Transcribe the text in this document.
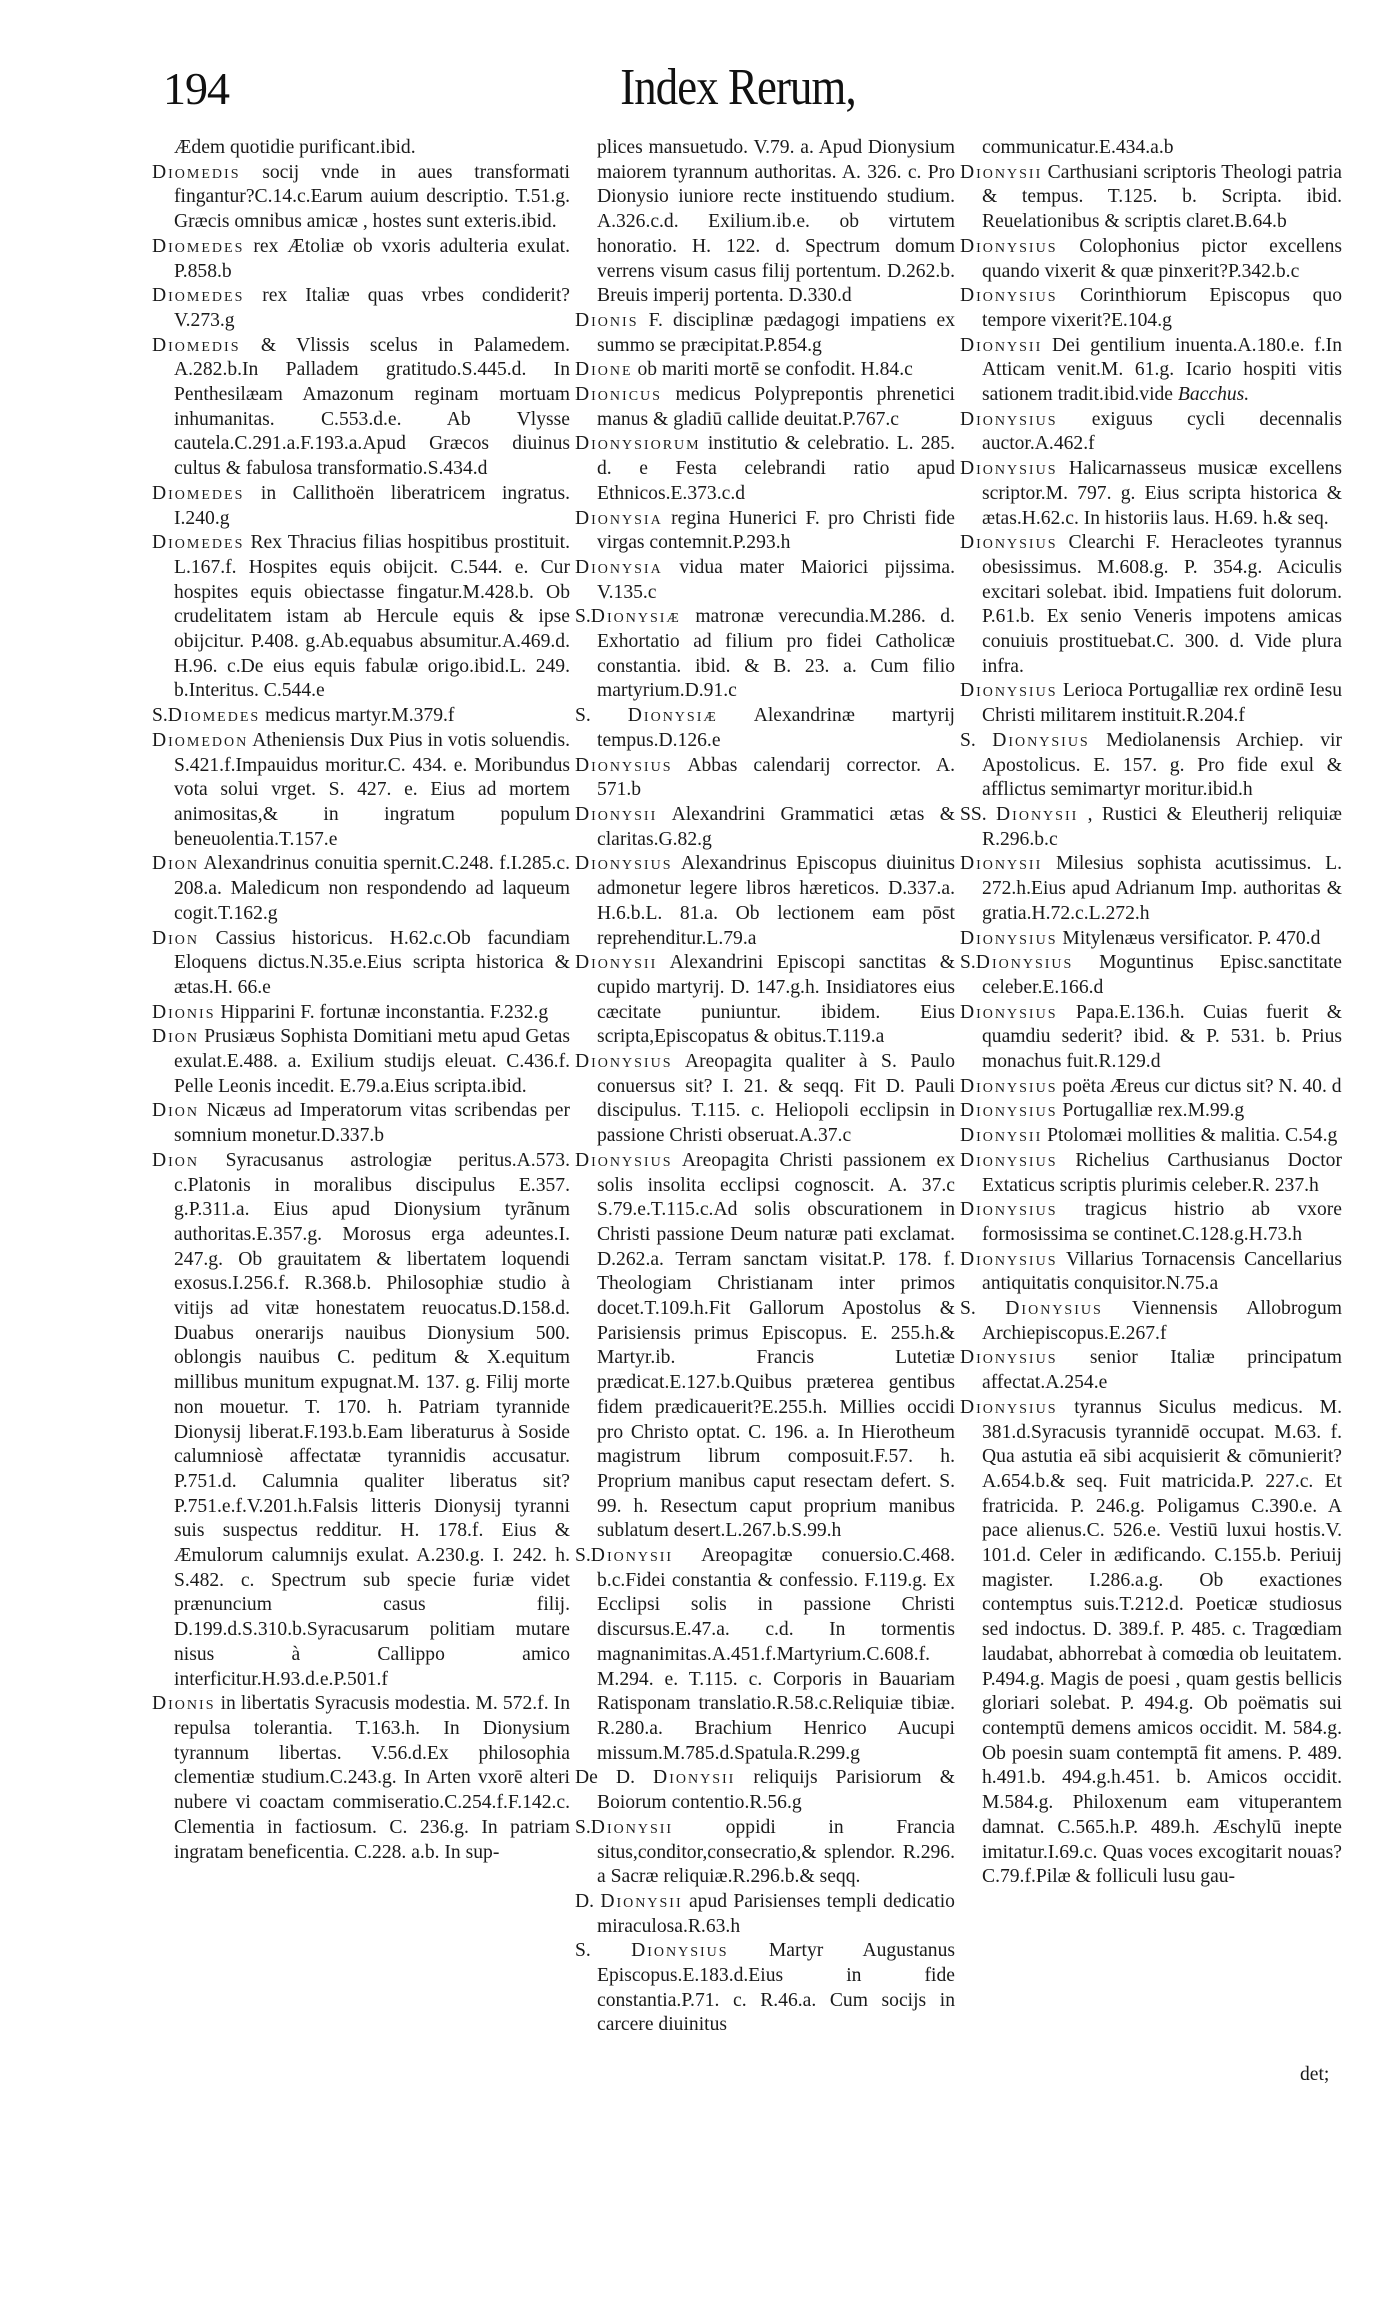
194	Index Rerum,

Ædem quotidie purificant.ibid.

Diomedis socij vnde in aues transformati fingantur?C.14.c.Earum auium descriptio. T.51.g. Græcis omnibus amicæ , hostes sunt exteris.ibid.

Diomedes rex Ætoliæ ob vxoris adulteria exulat. P.858.b

Diomedes rex Italiæ quas vrbes condiderit? V.273.g

Diomedis & Vlissis scelus in Palamedem. A.282.b.In Palladem gratitudo.S.445.d. In Penthesilæam Amazonum reginam mortuam inhumanitas. C.553.d.e. Ab Vlysse cautela.C.291.a.F.193.a.Apud Græcos diuinus cultus & fabulosa transformatio.S.434.d

Diomedes in Callithoën liberatricem ingratus. I.240.g

Diomedes Rex Thracius filias hospitibus prostituit. L.167.f. Hospites equis obijcit. C.544. e. Cur hospites equis obiectasse fingatur.M.428.b. Ob crudelitatem istam ab Hercule equis & ipse obijcitur. P.408. g.Ab.equabus absumitur.A.469.d. H.96. c.De eius equis fabulæ origo.ibid.L. 249. b.Interitus. C.544.e

S.Diomedes medicus martyr.M.379.f

Diomedon Atheniensis Dux Pius in votis soluendis. S.421.f.Impauidus moritur.C. 434. e. Moribundus vota solui vrget. S. 427. e. Eius ad mortem animositas,& in ingratum populum beneuolentia.T.157.e

Dion Alexandrinus conuitia spernit.C.248. f.I.285.c. 208.a. Maledicum non respondendo ad laqueum cogit.T.162.g

Dion Cassius historicus. H.62.c.Ob facundiam Eloquens dictus.N.35.e.Eius scripta historica & ætas.H. 66.e

Dionis Hipparini F. fortunæ inconstantia. F.232.g

Dion Prusiæus Sophista Domitiani metu apud Getas exulat.E.488. a. Exilium studijs eleuat. C.436.f. Pelle Leonis incedit. E.79.a.Eius scripta.ibid.

Dion Nicæus ad Imperatorum vitas scribendas per somnium monetur.D.337.b

Dion Syracusanus astrologiæ peritus.A.573. c.Platonis in moralibus discipulus E.357. g.P.311.a. Eius apud Dionysium tyrãnum authoritas.E.357.g. Morosus erga adeuntes.I. 247.g. Ob grauitatem & libertatem loquendi exosus.I.256.f. R.368.b. Philosophiæ studio à vitijs ad vitæ honestatem reuocatus.D.158.d. Duabus onerarijs nauibus Dionysium 500. oblongis nauibus C. peditum & X.equitum millibus munitum expugnat.M. 137. g. Filij morte non mouetur. T. 170. h. Patriam tyrannide Dionysij liberat.F.193.b.Eam liberaturus à Soside calumniosè affectatæ tyrannidis accusatur. P.751.d. Calumnia qualiter liberatus sit? P.751.e.f.V.201.h.Falsis litteris Dionysij tyranni suis suspectus redditur. H. 178.f. Eius & Æmulorum calumnijs exulat. A.230.g. I. 242. h. S.482. c. Spectrum sub specie furiæ videt prænuncium casus filij. D.199.d.S.310.b.Syracusarum politiam mutare nisus à Callippo amico interficitur.H.93.d.e.P.501.f

Dionis in libertatis Syracusis modestia. M. 572.f. In repulsa tolerantia. T.163.h. In Dionysium tyrannum libertas. V.56.d.Ex philosophia clementiæ studium.C.243.g. In Arten vxorē alteri nubere vi coactam commiseratio.C.254.f.F.142.c. Clementia in factiosum. C. 236.g. In patriam ingratam beneficentia. C.228. a.b. In sup-

plices mansuetudo. V.79. a. Apud Dionysium maiorem tyrannum authoritas. A. 326. c. Pro Dionysio iuniore recte instituendo studium. A.326.c.d. Exilium.ib.e. ob virtutem honoratio. H. 122. d. Spectrum domum verrens visum casus filij portentum. D.262.b. Breuis imperij portenta. D.330.d

Dionis F. disciplinæ pædagogi impatiens ex summo se præcipitat.P.854.g

Dione ob mariti mortē se confodit. H.84.c

Dionicus medicus Polyprepontis phrenetici manus & gladiū callide deuitat.P.767.c

Dionysiorum institutio & celebratio. L. 285. d. e Festa celebrandi ratio apud Ethnicos.E.373.c.d

Dionysia regina Hunerici F. pro Christi fide virgas contemnit.P.293.h

Dionysia vidua mater Maiorici pijssima. V.135.c

S.Dionysiæ matronæ verecundia.M.286. d. Exhortatio ad filium pro fidei Catholicæ constantia. ibid. & B. 23. a. Cum filio martyrium.D.91.c

S. Dionysiæ Alexandrinæ martyrij tempus.D.126.e

Dionysius Abbas calendarij corrector. A. 571.b

Dionysii Alexandrini Grammatici ætas & claritas.G.82.g

Dionysius Alexandrinus Episcopus diuinitus admonetur legere libros hæreticos. D.337.a. H.6.b.L. 81.a. Ob lectionem eam pōst reprehenditur.L.79.a

Dionysii Alexandrini Episcopi sanctitas & cupido martyrij. D. 147.g.h. Insidiatores eius cæcitate puniuntur. ibidem. Eius scripta,Episcopatus & obitus.T.119.a

Dionysius Areopagita qualiter à S. Paulo conuersus sit? I. 21. & seqq. Fit D. Pauli discipulus. T.115. c. Heliopoli ecclipsin in passione Christi obseruat.A.37.c

Dionysius Areopagita Christi passionem ex solis insolita ecclipsi cognoscit. A. 37.c S.79.e.T.115.c.Ad solis obscurationem in Christi passione Deum naturæ pati exclamat. D.262.a. Terram sanctam visitat.P. 178. f. Theologiam Christianam inter primos docet.T.109.h.Fit Gallorum Apostolus & Parisiensis primus Episcopus. E. 255.h.& Martyr.ib. Francis Lutetiæ prædicat.E.127.b.Quibus præterea gentibus fidem prædicauerit?E.255.h. Millies occidi pro Christo optat. C. 196. a. In Hierotheum magistrum librum composuit.F.57. h. Proprium manibus caput resectam defert. S. 99. h. Resectum caput proprium manibus sublatum desert.L.267.b.S.99.h

S.Dionysii Areopagitæ conuersio.C.468. b.c.Fidei constantia & confessio. F.119.g. Ex Ecclipsi solis in passione Christi discursus.E.47.a. c.d. In tormentis magnanimitas.A.451.f.Martyrium.C.608.f. M.294. e. T.115. c. Corporis in Bauariam Ratisponam translatio.R.58.c.Reliquiæ tibiæ. R.280.a. Brachium Henrico Aucupi missum.M.785.d.Spatula.R.299.g

De D. Dionysii reliquijs Parisiorum & Boiorum contentio.R.56.g

S.Dionysii oppidi in Francia situs,conditor,consecratio,& splendor. R.296. a Sacræ reliquiæ.R.296.b.& seqq.

D. Dionysii apud Parisienses templi dedicatio miraculosa.R.63.h

S. Dionysius Martyr Augustanus Episcopus.E.183.d.Eius in fide constantia.P.71. c. R.46.a. Cum socijs in carcere diuinitus

communicatur.E.434.a.b

Dionysii Carthusiani scriptoris Theologi patria & tempus. T.125. b. Scripta. ibid. Reuelationibus & scriptis claret.B.64.b

Dionysius Colophonius pictor excellens quando vixerit & quæ pinxerit?P.342.b.c

Dionysius Corinthiorum Episcopus quo tempore vixerit?E.104.g

Dionysii Dei gentilium inuenta.A.180.e. f.In Atticam venit.M. 61.g. Icario hospiti vitis sationem tradit.ibid.vide Bacchus.

Dionysius exiguus cycli decennalis auctor.A.462.f

Dionysius Halicarnasseus musicæ excellens scriptor.M. 797. g. Eius scripta historica & ætas.H.62.c. In historiis laus. H.69. h.& seq.

Dionysius Clearchi F. Heracleotes tyrannus obesissimus. M.608.g. P. 354.g. Aciculis excitari solebat. ibid. Impatiens fuit dolorum. P.61.b. Ex senio Veneris impotens amicas conuiuis prostituebat.C. 300. d. Vide plura infra.

Dionysius Lerioca Portugalliæ rex ordinē Iesu Christi militarem instituit.R.204.f

S. Dionysius Mediolanensis Archiep. vir Apostolicus. E. 157. g. Pro fide exul & afflictus semimartyr moritur.ibid.h

SS. Dionysii , Rustici & Eleutherij reliquiæ R.296.b.c

Dionysii Milesius sophista acutissimus. L. 272.h.Eius apud Adrianum Imp. authoritas & gratia.H.72.c.L.272.h

Dionysius Mitylenæus versificator. P. 470.d

S.Dionysius Moguntinus Episc.sanctitate celeber.E.166.d

Dionysius Papa.E.136.h. Cuias fuerit & quamdiu sederit? ibid. & P. 531. b. Prius monachus fuit.R.129.d

Dionysius poëta Æreus cur dictus sit? N. 40. d

Dionysius Portugalliæ rex.M.99.g

Dionysii Ptolomæi mollities & malitia. C.54.g

Dionysius Richelius Carthusianus Doctor Extaticus scriptis plurimis celeber.R. 237.h

Dionysius tragicus histrio ab vxore formosissima se continet.C.128.g.H.73.h

Dionysius Villarius Tornacensis Cancellarius antiquitatis conquisitor.N.75.a

S. Dionysius Viennensis Allobrogum Archiepiscopus.E.267.f

Dionysius senior Italiæ principatum affectat.A.254.e

Dionysius tyrannus Siculus medicus. M. 381.d.Syracusis tyrannidē occupat. M.63. f. Qua astutia eā sibi acquisierit & cōmunierit? A.654.b.& seq. Fuit matricida.P. 227.c. Et fratricida. P. 246.g. Poligamus C.390.e. A pace alienus.C. 526.e. Vestiū luxui hostis.V. 101.d. Celer in ædificando. C.155.b. Periuij magister. I.286.a.g. Ob exactiones contemptus suis.T.212.d. Poeticæ studiosus sed indoctus. D. 389.f. P. 485. c. Tragœdiam laudabat, abhorrebat à comœdia ob leuitatem. P.494.g. Magis de poesi , quam gestis bellicis gloriari solebat. P. 494.g. Ob poëmatis sui contemptū demens amicos occidit. M. 584.g. Ob poesin suam contemptā fit amens. P. 489. h.491.b. 494.g.h.451. b. Amicos occidit. M.584.g. Philoxenum eam vituperantem damnat. C.565.h.P. 489.h. Æschylū inepte imitatur.I.69.c. Quas voces excogitarit nouas? C.79.f.Pilæ & folliculi lusu gau-

det;
